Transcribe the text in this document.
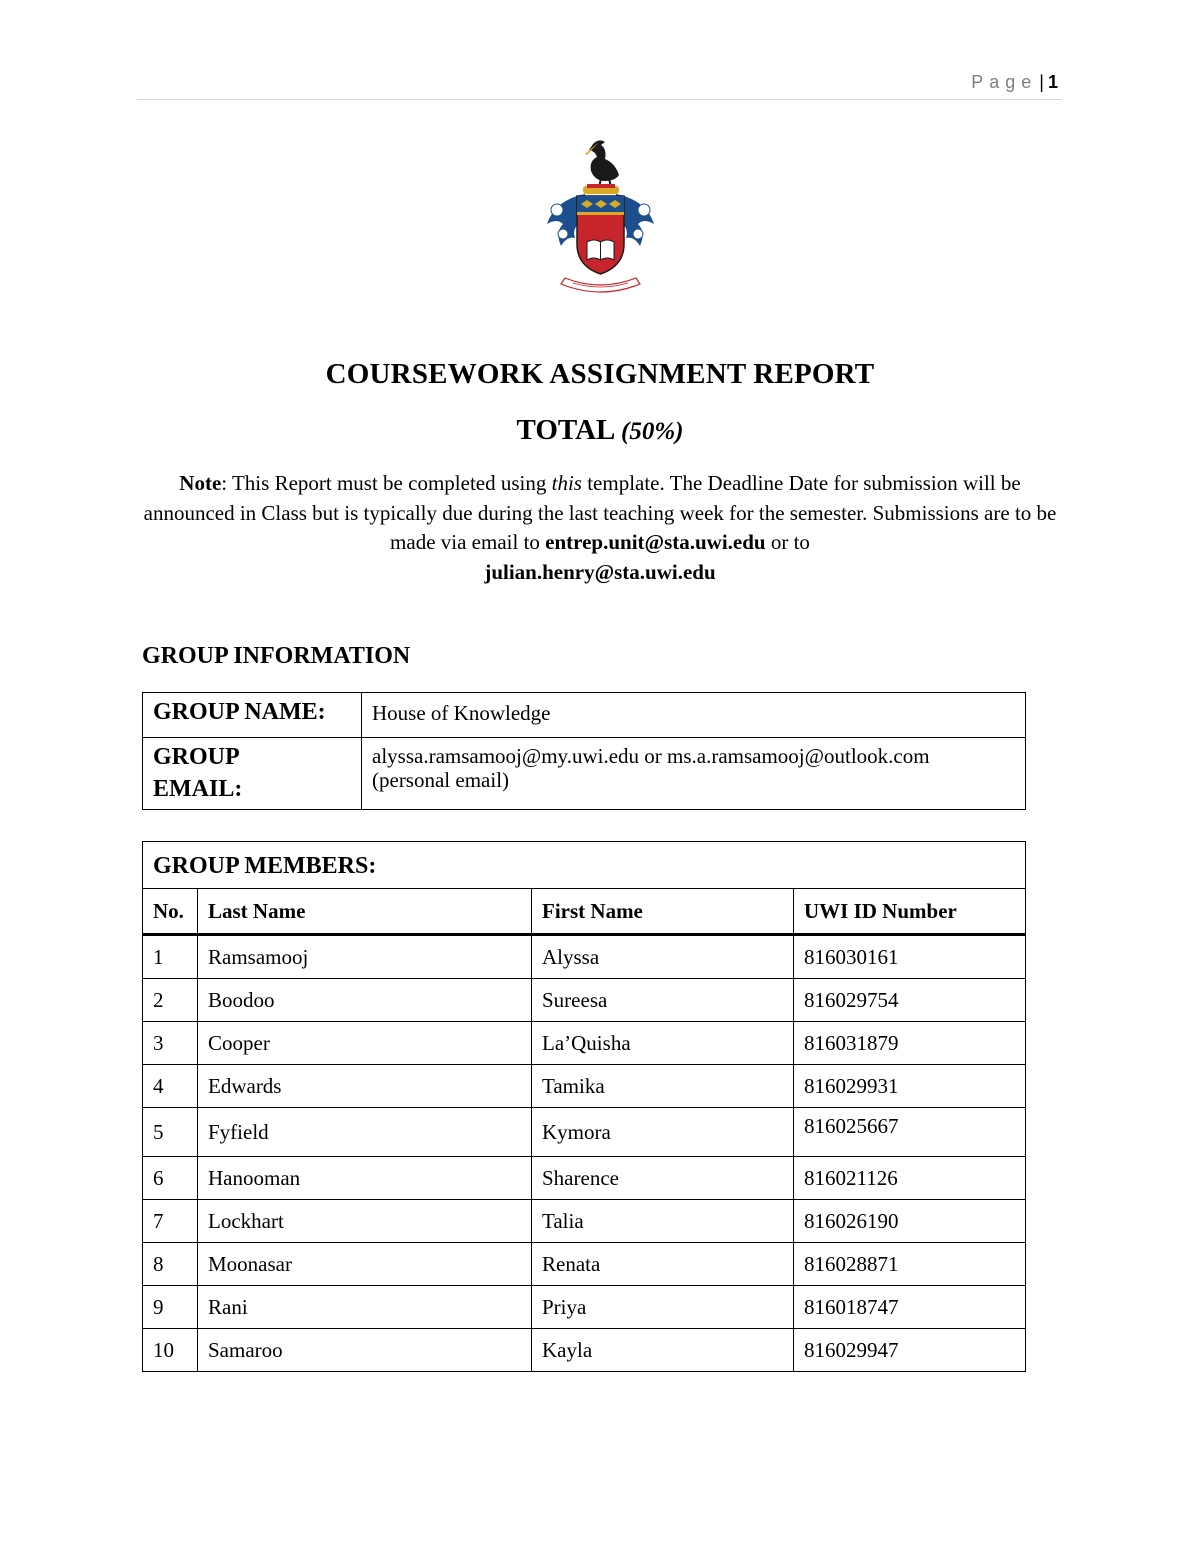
Page | 1
COURSEWORK ASSIGNMENT REPORT
TOTAL (50%)
Note: This Report must be completed using this template. The Deadline Date for submission will be announced in Class but is typically due during the last teaching week for the semester. Submissions are to be made via email to entrep.unit@sta.uwi.edu or to
julian.henry@sta.uwi.edu
GROUP INFORMATION
GROUP NAME:	House of Knowledge
GROUP
EMAIL:	alyssa.ramsamooj@my.uwi.edu or ms.a.ramsamooj@outlook.com
(personal email)
GROUP MEMBERS:			
No.	Last Name	First Name	UWI ID Number
1	Ramsamooj	Alyssa	816030161
2	Boodoo	Sureesa	816029754
3	Cooper	La’Quisha	816031879
4	Edwards	Tamika	816029931
5	Fyfield	Kymora	816025667
6	Hanooman	Sharence	816021126
7	Lockhart	Talia	816026190
8	Moonasar	Renata	816028871
9	Rani	Priya	816018747
10	Samaroo	Kayla	816029947
